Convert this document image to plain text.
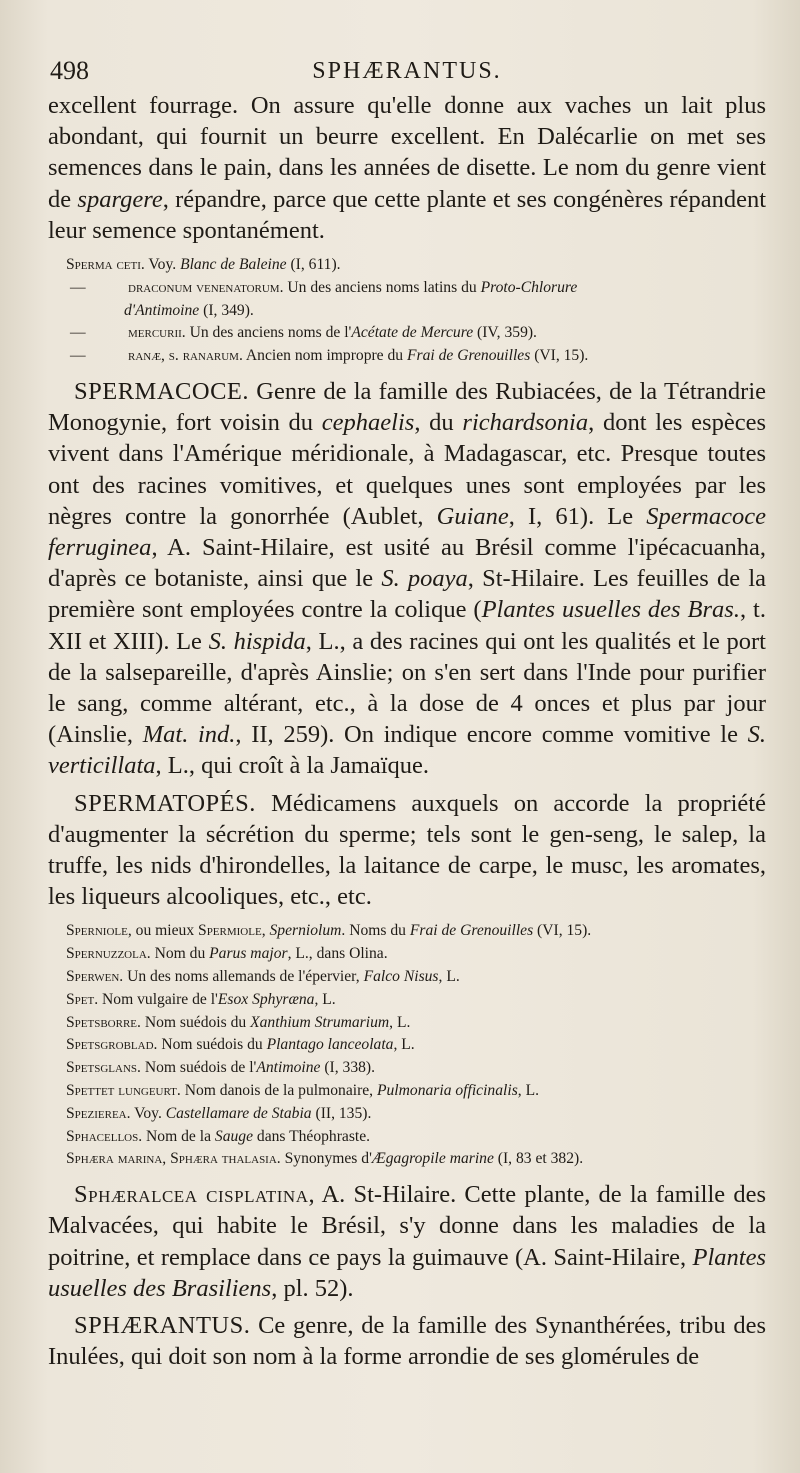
498	SPHÆRANTUS.

excellent fourrage. On assure qu'elle donne aux vaches un lait plus abondant, qui fournit un beurre excellent. En Dalécarlie on met ses semences dans le pain, dans les années de disette. Le nom du genre vient de spargere, répandre, parce que cette plante et ses congénères répandent leur semence spontanément.

Sperma ceti. Voy. Blanc de Baleine (I, 611).
—	draconum venenatorum. Un des anciens noms latins du Proto-Chlorure
d'Antimoine (I, 349).
—	mercurii. Un des anciens noms de l'Acétate de Mercure (IV, 359).
—	ranæ, s. ranarum. Ancien nom impropre du Frai de Grenouilles (VI, 15).

SPERMACOCE. Genre de la famille des Rubiacées, de la Tétrandrie Monogynie, fort voisin du cephaelis, du richardsonia, dont les espèces vivent dans l'Amérique méridionale, à Madagascar, etc. Presque toutes ont des racines vomitives, et quelques unes sont employées par les nègres contre la gonorrhée (Aublet, Guiane, I, 61). Le Spermacoce ferruginea, A. Saint-Hilaire, est usité au Brésil comme l'ipécacuanha, d'après ce botaniste, ainsi que le S. poaya, St-Hilaire. Les feuilles de la première sont employées contre la colique (Plantes usuelles des Bras., t. XII et XIII). Le S. hispida, L., a des racines qui ont les qualités et le port de la salsepareille, d'après Ainslie; on s'en sert dans l'Inde pour purifier le sang, comme altérant, etc., à la dose de 4 onces et plus par jour (Ainslie, Mat. ind., II, 259). On indique encore comme vomitive le S. verticillata, L., qui croît à la Jamaïque.

SPERMATOPÉS. Médicamens auxquels on accorde la propriété d'augmenter la sécrétion du sperme; tels sont le gen-seng, le salep, la truffe, les nids d'hirondelles, la laitance de carpe, le musc, les aromates, les liqueurs alcooliques, etc., etc.

Sperniole, ou mieux Spermiole, Sperniolum. Noms du Frai de Grenouilles (VI, 15).
Spernuzzola. Nom du Parus major, L., dans Olina.
Sperwen. Un des noms allemands de l'épervier, Falco Nisus, L.
Spet. Nom vulgaire de l'Esox Sphyræna, L.
Spetsborre. Nom suédois du Xanthium Strumarium, L.
Spetsgroblad. Nom suédois du Plantago lanceolata, L.
Spetsglans. Nom suédois de l'Antimoine (I, 338).
Spettet lungeurt. Nom danois de la pulmonaire, Pulmonaria officinalis, L.
Spezierea. Voy. Castellamare de Stabia (II, 135).
Sphacellos. Nom de la Sauge dans Théophraste.
Sphæra marina, Sphæra thalasia. Synonymes d'Ægagropile marine (I, 83 et 382).

Sphæralcea cisplatina, A. St-Hilaire. Cette plante, de la famille des Malvacées, qui habite le Brésil, s'y donne dans les maladies de la poitrine, et remplace dans ce pays la guimauve (A. Saint-Hilaire, Plantes usuelles des Brasiliens, pl. 52).

SPHÆRANTUS. Ce genre, de la famille des Synanthérées, tribu des Inulées, qui doit son nom à la forme arrondie de ses glomérules de
